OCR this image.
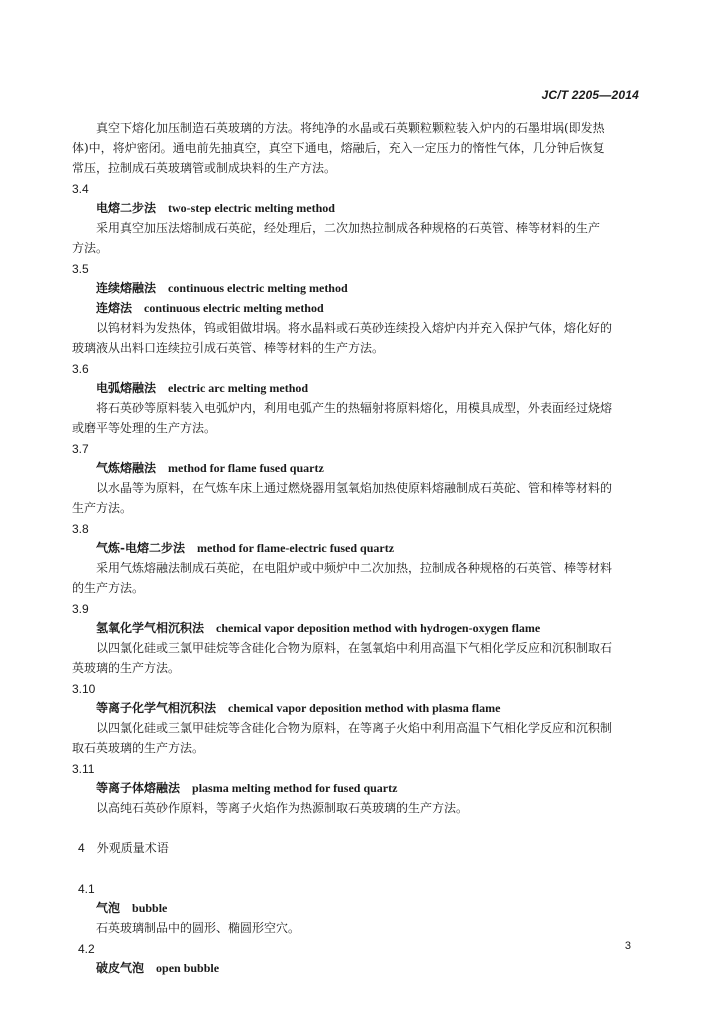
JC/T 2205—2014

真空下熔化加压制造石英玻璃的方法。将纯净的水晶或石英颗粒颗粒装入炉内的石墨坩埚(即发热

体)中，将炉密闭。通电前先抽真空，真空下通电，熔融后，充入一定压力的惰性气体，几分钟后恢复

常压，拉制成石英玻璃管或制成块料的生产方法。

3.4

电熔二步法 two-step electric melting method

采用真空加压法熔制成石英砣，经处理后，二次加热拉制成各种规格的石英管、棒等材料的生产

方法。

3.5

连续熔融法 continuous electric melting method

连熔法 continuous electric melting method

以钨材料为发热体，钨或钼做坩埚。将水晶料或石英砂连续投入熔炉内并充入保护气体，熔化好的

玻璃液从出料口连续拉引成石英管、棒等材料的生产方法。

3.6

电弧熔融法 electric arc melting method

将石英砂等原料装入电弧炉内，利用电弧产生的热辐射将原料熔化，用模具成型，外表面经过烧熔

或磨平等处理的生产方法。

3.7

气炼熔融法 method for flame fused quartz

以水晶等为原料，在气炼车床上通过燃烧器用氢氧焰加热使原料熔融制成石英砣、管和棒等材料的

生产方法。

3.8

气炼-电熔二步法 method for flame-electric fused quartz

采用气炼熔融法制成石英砣，在电阻炉或中频炉中二次加热，拉制成各种规格的石英管、棒等材料

的生产方法。

3.9

氢氧化学气相沉积法 chemical vapor deposition method with hydrogen-oxygen flame

以四氯化硅或三氯甲硅烷等含硅化合物为原料，在氢氧焰中利用高温下气相化学反应和沉积制取石

英玻璃的生产方法。

3.10

等离子化学气相沉积法 chemical vapor deposition method with plasma flame

以四氯化硅或三氯甲硅烷等含硅化合物为原料，在等离子火焰中利用高温下气相化学反应和沉积制

取石英玻璃的生产方法。

3.11

等离子体熔融法 plasma melting method for fused quartz

以高纯石英砂作原料，等离子火焰作为热源制取石英玻璃的生产方法。

4 外观质量术语

4.1

气泡 bubble

石英玻璃制品中的圆形、椭圆形空穴。

4.2

破皮气泡 open bubble

3
